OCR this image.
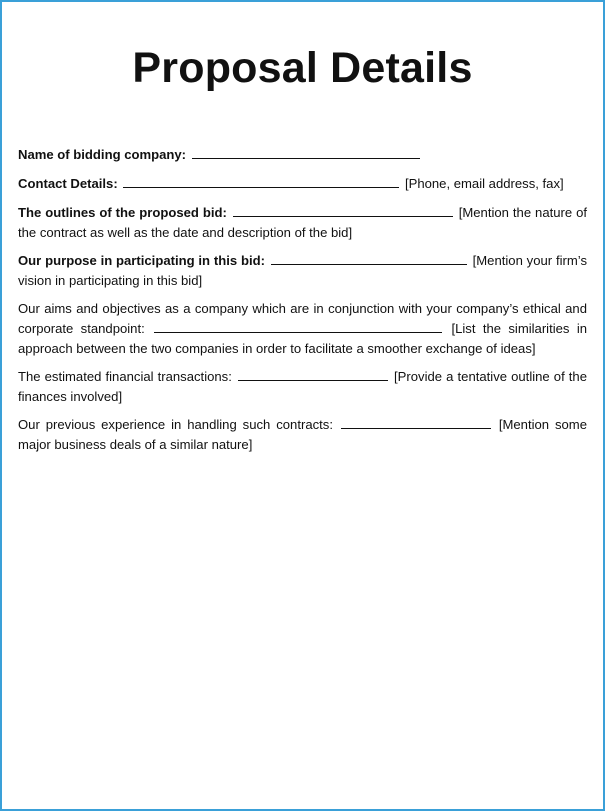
Proposal Details

Name of bidding company:

Contact Details:	[Phone, email address, fax]

The outlines of the proposed bid:	[Mention the nature of the contract as well as the date and description of the bid]

Our purpose in participating in this bid:	[Mention your firm’s vision in participating in this bid]

Our aims and objectives as a company which are in conjunction with your company’s ethical and corporate standpoint:	[List the similarities in approach between the two companies in order to facilitate a smoother exchange of ideas]

The estimated financial transactions:	[Provide a tentative outline of the finances involved]

Our previous experience in handling such contracts:	[Mention some major business deals of a similar nature]
